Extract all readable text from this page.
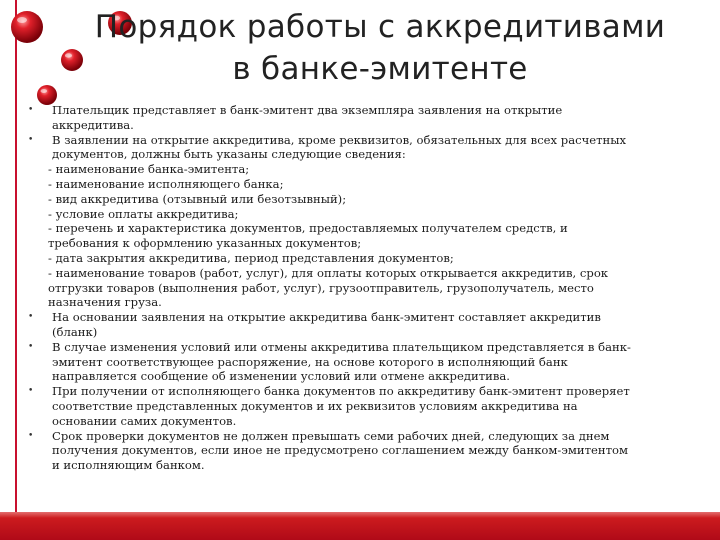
Порядок работы с аккредитивами
в банке-эмитенте
• Плательщик представляет в банк-эмитент два экземпляра заявления на открытие
аккредитива.
• В заявлении на открытие аккредитива, кроме реквизитов, обязательных для всех расчетных
документов, должны быть указаны следующие сведения:
- наименование банка-эмитента;
- наименование исполняющего банка;
- вид аккредитива (отзывный или безотзывный);
- условие оплаты аккредитива;
- перечень и характеристика документов, предоставляемых получателем средств, и
требования к оформлению указанных документов;
- дата закрытия аккредитива, период представления документов;
- наименование товаров (работ, услуг), для оплаты которых открывается аккредитив, срок
отгрузки товаров (выполнения работ, услуг), грузоотправитель, грузополучатель, место
назначения груза.
• На основании заявления на открытие аккредитива банк-эмитент составляет аккредитив
(бланк)
• В случае изменения условий или отмены аккредитива плательщиком представляется в банк-
эмитент соответствующее распоряжение, на основе которого в исполняющий банк
направляется сообщение об изменении условий или отмене аккредитива.
• При получении от исполняющего банка документов по аккредитиву банк-эмитент проверяет
соответствие представленных документов и их реквизитов условиям аккредитива на
основании самих документов.
• Срок проверки документов не должен превышать семи рабочих дней, следующих за днем
получения документов, если иное не предусмотрено соглашением между банком-эмитентом
и исполняющим банком.
